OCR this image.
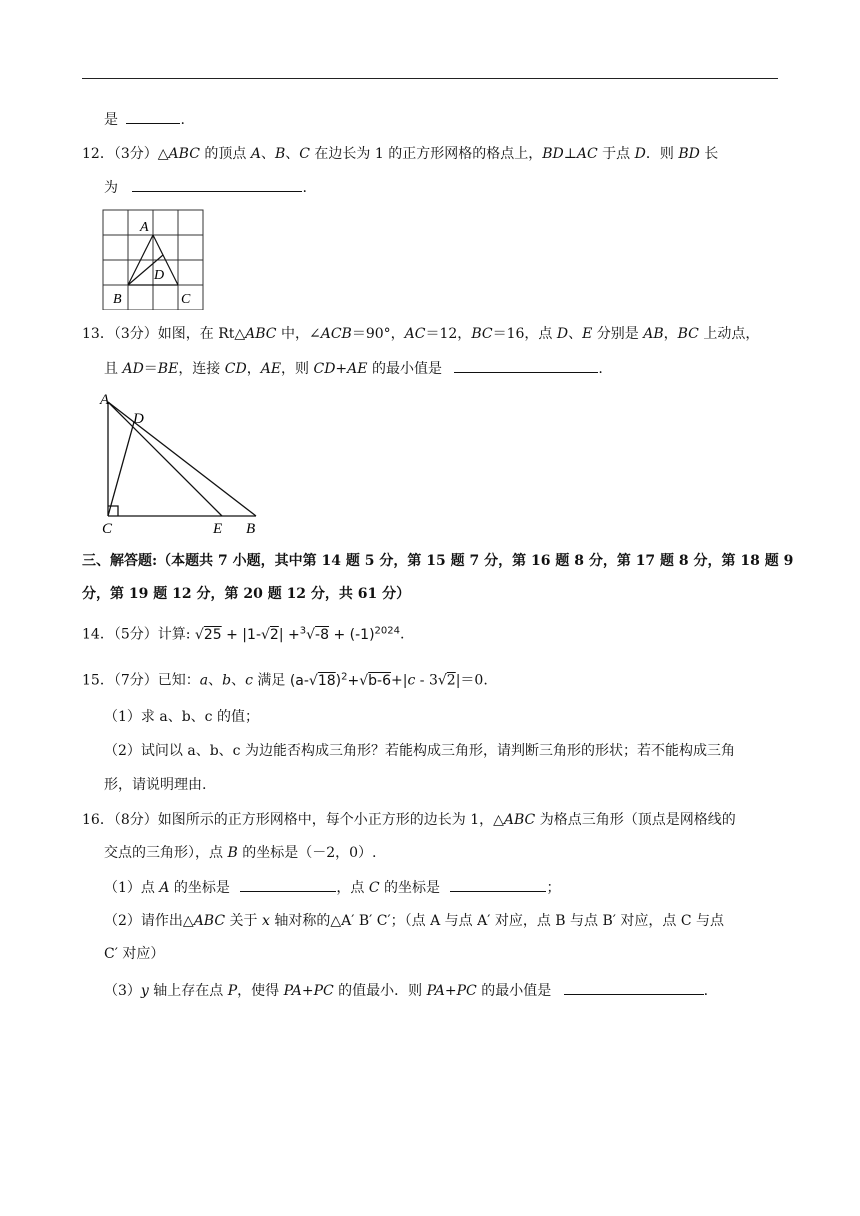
是	.
12．（3分）△ABC 的顶点 A、B、C 在边长为 1 的正方形网格的格点上，BD⊥AC 于点 D．则 BD 长
为	.
A
D
B	C
13．（3分）如图，在 Rt△ABC 中，∠ACB＝90°，AC＝12，BC＝16，点 D、E 分别是 AB，BC 上动点，
且 AD＝BE，连接 CD，AE，则 CD+AE 的最小值是	.
A
D
C	E B
三、解答题:（本题共 7 小题，其中第 14 题 5 分，第 15 题 7 分，第 16 题 8 分，第 17 题 8 分，第 18 题 9
分，第 19 题 12 分，第 20 题 12 分，共 61 分）
14．（5分）计算: $√25 + |1-√2| +^3√-8 + (-1)^{2024}$.
15．（7分）已知：a、b、c 满足 $(a-√18)^2+√b-6+|c - 3√2|=0$.
（1）求 a、b、c 的值；
（2）试问以 a、b、c 为边能否构成三角形？若能构成三角形，请判断三角形的形状；若不能构成三角
形，请说明理由.
16．（8分）如图所示的正方形网格中，每个小正方形的边长为 1，△ABC 为格点三角形（顶点是网格线的
交点的三角形），点 B 的坐标是（－2，0）.
（1）点 A 的坐标是	，点 C 的坐标是	；
（2）请作出△ABC 关于 x 轴对称的△A′ B′ C′；（点 A 与点 A′ 对应，点 B 与点 B′ 对应，点 C 与点
C′ 对应）
（3）y 轴上存在点 P，使得 PA+PC 的值最小．则 PA+PC 的最小值是	.
